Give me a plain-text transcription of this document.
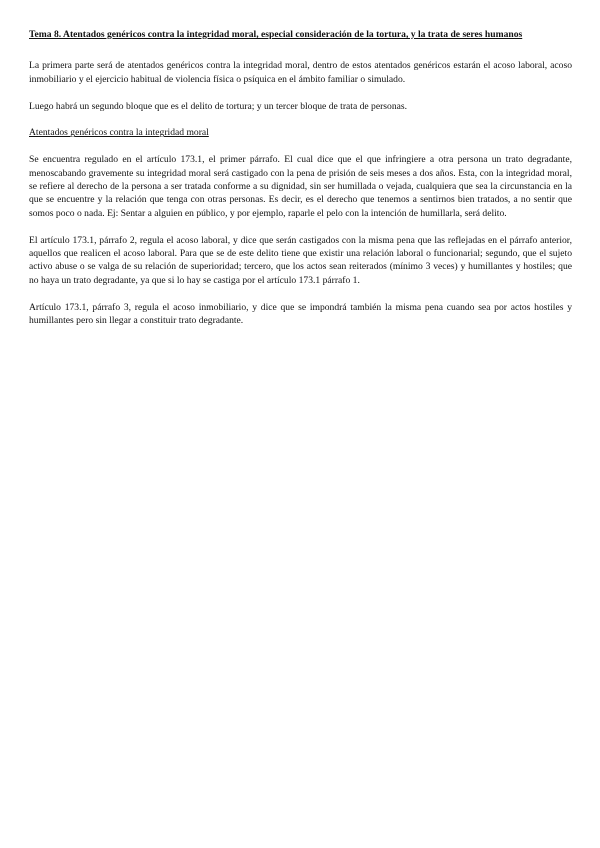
Tema 8. Atentados genéricos contra la integridad moral, especial consideración de la tortura, y la trata de seres humanos

La primera parte será de atentados genéricos contra la integridad moral, dentro de estos atentados genéricos estarán el acoso laboral, acoso inmobiliario y el ejercicio habitual de violencia física o psíquica en el ámbito familiar o simulado.

Luego habrá un segundo bloque que es el delito de tortura; y un tercer bloque de trata de personas.

Atentados genéricos contra la integridad moral

Se encuentra regulado en el artículo 173.1, el primer párrafo. El cual dice que el que infringiere a otra persona un trato degradante, menoscabando gravemente su integridad moral será castigado con la pena de prisión de seis meses a dos años. Esta, con la integridad moral, se refiere al derecho de la persona a ser tratada conforme a su dignidad, sin ser humillada o vejada, cualquiera que sea la circunstancia en la que se encuentre y la relación que tenga con otras personas. Es decir, es el derecho que tenemos a sentirnos bien tratados, a no sentir que somos poco o nada. Ej: Sentar a alguien en público, y por ejemplo, raparle el pelo con la intención de humillarla, será delito.

El artículo 173.1, párrafo 2, regula el acoso laboral, y dice que serán castigados con la misma pena que las reflejadas en el párrafo anterior, aquellos que realicen el acoso laboral. Para que se de este delito tiene que existir una relación laboral o funcionarial; segundo, que el sujeto activo abuse o se valga de su relación de superioridad; tercero, que los actos sean reiterados (mínimo 3 veces) y humillantes y hostiles; que no haya un trato degradante, ya que si lo hay se castiga por el artículo 173.1 párrafo 1.

Artículo 173.1, párrafo 3, regula el acoso inmobiliario, y dice que se impondrá también la misma pena cuando sea por actos hostiles y humillantes pero sin llegar a constituir trato degradante.
